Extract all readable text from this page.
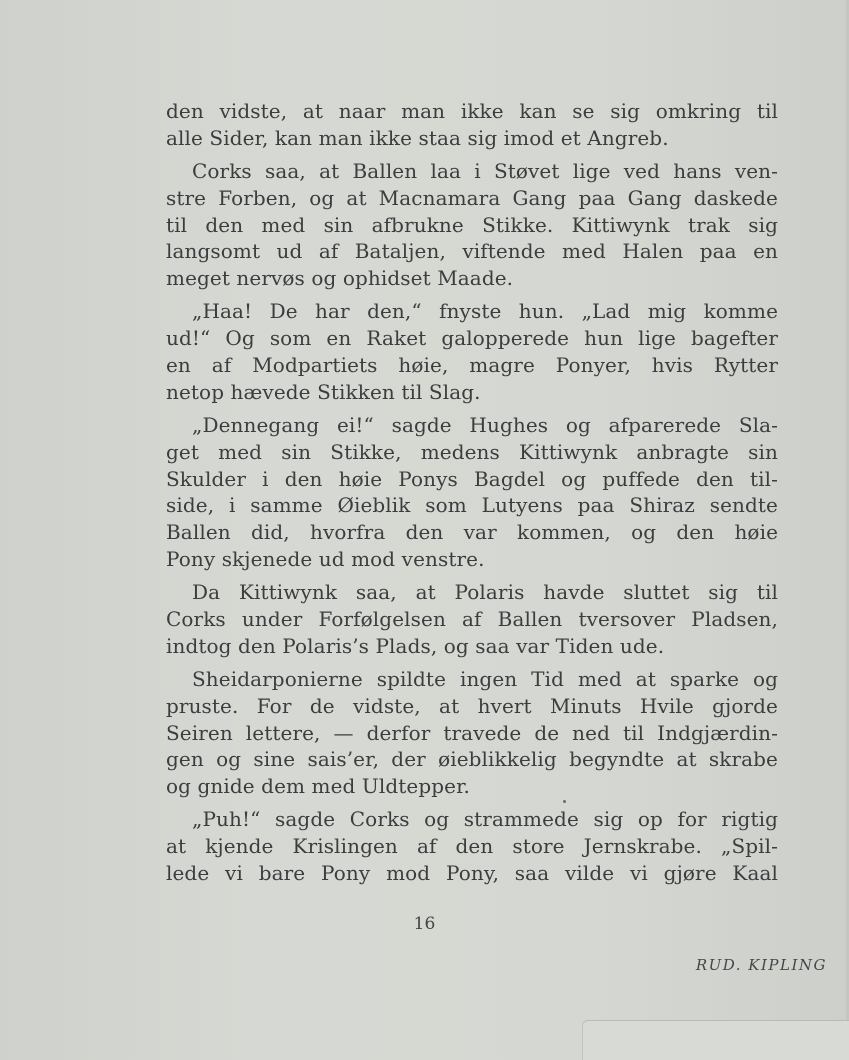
den vidste, at naar man ikke kan se sig omkring til
alle Sider, kan man ikke staa sig imod et Angreb.
Corks saa, at Ballen laa i Støvet lige ved hans ven-
stre Forben, og at Macnamara Gang paa Gang daskede
til den med sin afbrukne Stikke. Kittiwynk trak sig
langsomt ud af Bataljen, viftende med Halen paa en
meget nervøs og ophidset Maade.
„Haa! De har den,“ fnyste hun. „Lad mig komme
ud!“ Og som en Raket galopperede hun lige bagefter
en af Modpartiets høie, magre Ponyer, hvis Rytter
netop hævede Stikken til Slag.
„Dennegang ei!“ sagde Hughes og afparerede Sla-
get med sin Stikke, medens Kittiwynk anbragte sin
Skulder i den høie Ponys Bagdel og puffede den til-
side, i samme Øieblik som Lutyens paa Shiraz sendte
Ballen did, hvorfra den var kommen, og den høie
Pony skjenede ud mod venstre.
Da Kittiwynk saa, at Polaris havde sluttet sig til
Corks under Forfølgelsen af Ballen tversover Pladsen,
indtog den Polaris’s Plads, og saa var Tiden ude.
Sheidarponierne spildte ingen Tid med at sparke og
pruste. For de vidste, at hvert Minuts Hvile gjorde
Seiren lettere, — derfor travede de ned til Indgjærdin-
gen og sine sais’er, der øieblikkelig begyndte at skrabe
og gnide dem med Uldtepper.
„Puh!“ sagde Corks og strammede sig op for rigtig
at kjende Krislingen af den store Jernskrabe. „Spil-
lede vi bare Pony mod Pony, saa vilde vi gjøre Kaal
16
RUD. KIPLING
